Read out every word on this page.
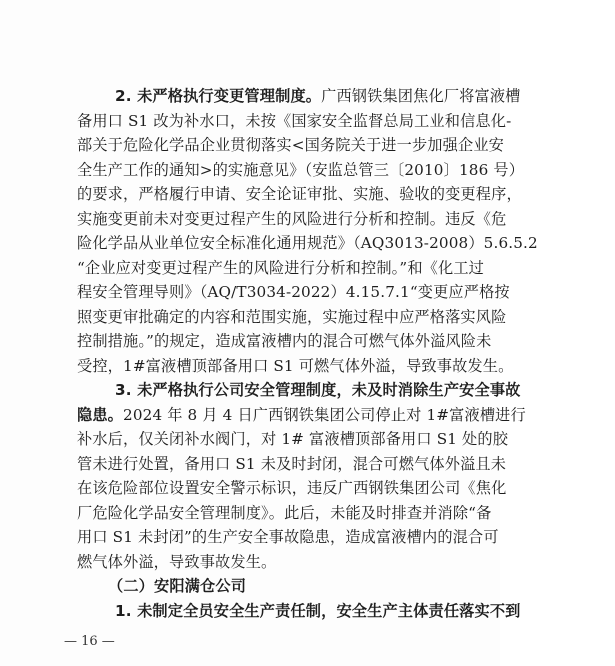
2. 未严格执行变更管理制度。广西钢铁集团焦化厂将富液槽
备用口 S1 改为补水口，未按《国家安全监督总局工业和信息化-
部关于危险化学品企业贯彻落实<国务院关于进一步加强企业安
全生产工作的通知>的实施意见》（安监总管三〔2010〕186 号）
的要求，严格履行申请、安全论证审批、实施、验收的变更程序，
实施变更前未对变更过程产生的风险进行分析和控制。违反《危
险化学品从业单位安全标准化通用规范》（AQ3013-2008）5.6.5.2
“企业应对变更过程产生的风险进行分析和控制。”和《化工过
程安全管理导则》（AQ/T3034-2022）4.15.7.1“变更应严格按
照变更审批确定的内容和范围实施，实施过程中应严格落实风险
控制措施。”的规定，造成富液槽内的混合可燃气体外溢风险未
受控，1#富液槽顶部备用口 S1 可燃气体外溢，导致事故发生。
3. 未严格执行公司安全管理制度，未及时消除生产安全事故
隐患。2024 年 8 月 4 日广西钢铁集团公司停止对 1#富液槽进行
补水后，仅关闭补水阀门，对 1# 富液槽顶部备用口 S1 处的胶
管未进行处置，备用口 S1 未及时封闭，混合可燃气体外溢且未
在该危险部位设置安全警示标识，违反广西钢铁集团公司《焦化
厂危险化学品安全管理制度》。此后，未能及时排查并消除“备
用口 S1 未封闭”的生产安全事故隐患，造成富液槽内的混合可
燃气体外溢，导致事故发生。
（二）安阳满仓公司
1. 未制定全员安全生产责任制，安全生产主体责任落实不到
— 16 —
